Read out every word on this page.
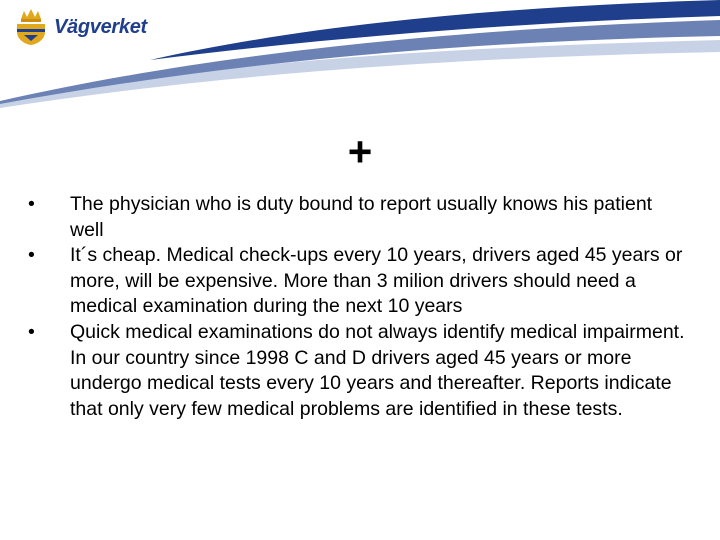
Vägverket
+
•	The physician who is duty bound to report usually knows his patient well
•	It´s cheap. Medical check-ups every 10 years, drivers aged 45 years or more, will be expensive. More than 3 milion drivers should need a medical examination during the next 10 years
•	Quick medical examinations do not always identify medical impairment. In our country since 1998 C and D drivers aged 45 years or more undergo medical tests every 10 years and thereafter. Reports indicate that only very few medical problems are identified in these tests.
